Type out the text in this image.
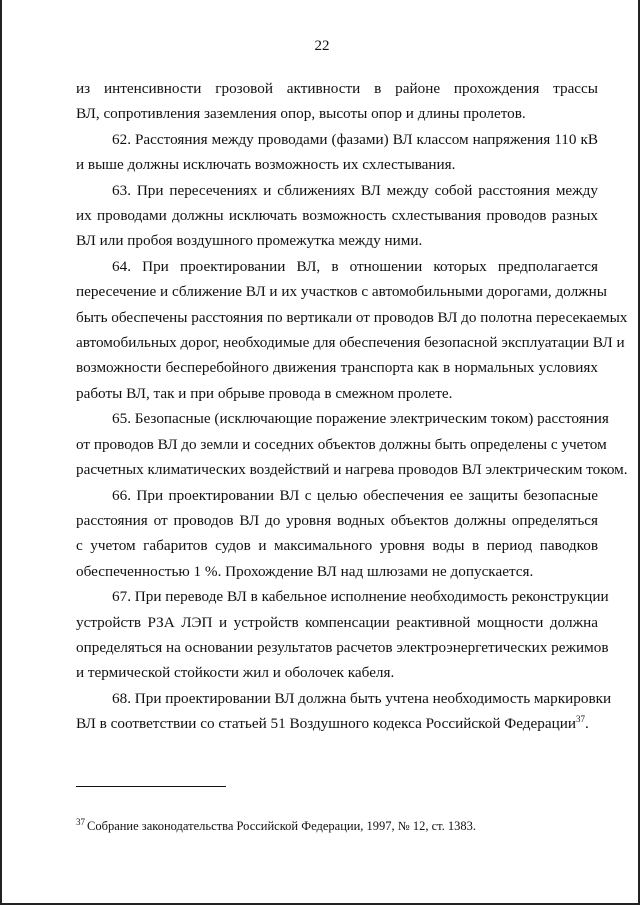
22
из интенсивности грозовой активности в районе прохождения трассы
ВЛ, сопротивления заземления опор, высоты опор и длины пролетов.
62. Расстояния между проводами (фазами) ВЛ классом напряжения 110 кВ
и выше должны исключать возможность их схлестывания.
63. При пересечениях и сближениях ВЛ между собой расстояния между
их проводами должны исключать возможность схлестывания проводов разных
ВЛ или пробоя воздушного промежутка между ними.
64. При проектировании ВЛ, в отношении которых предполагается
пересечение и сближение ВЛ и их участков с автомобильными дорогами, должны
быть обеспечены расстояния по вертикали от проводов ВЛ до полотна пересекаемых
автомобильных дорог, необходимые для обеспечения безопасной эксплуатации ВЛ и
возможности бесперебойного движения транспорта как в нормальных условиях
работы ВЛ, так и при обрыве провода в смежном пролете.
65. Безопасные (исключающие поражение электрическим током) расстояния
от проводов ВЛ до земли и соседних объектов должны быть определены с учетом
расчетных климатических воздействий и нагрева проводов ВЛ электрическим током.
66. При проектировании ВЛ с целью обеспечения ее защиты безопасные
расстояния от проводов ВЛ до уровня водных объектов должны определяться
с учетом габаритов судов и максимального уровня воды в период паводков
обеспеченностью 1 %. Прохождение ВЛ над шлюзами не допускается.
67. При переводе ВЛ в кабельное исполнение необходимость реконструкции
устройств РЗА ЛЭП и устройств компенсации реактивной мощности должна
определяться на основании результатов расчетов электроэнергетических режимов
и термической стойкости жил и оболочек кабеля.
68. При проектировании ВЛ должна быть учтена необходимость маркировки
ВЛ в соответствии со статьей 51 Воздушного кодекса Российской Федерации$^{37}$.
$^{37}$ Собрание законодательства Российской Федерации, 1997, № 12, ст. 1383.
